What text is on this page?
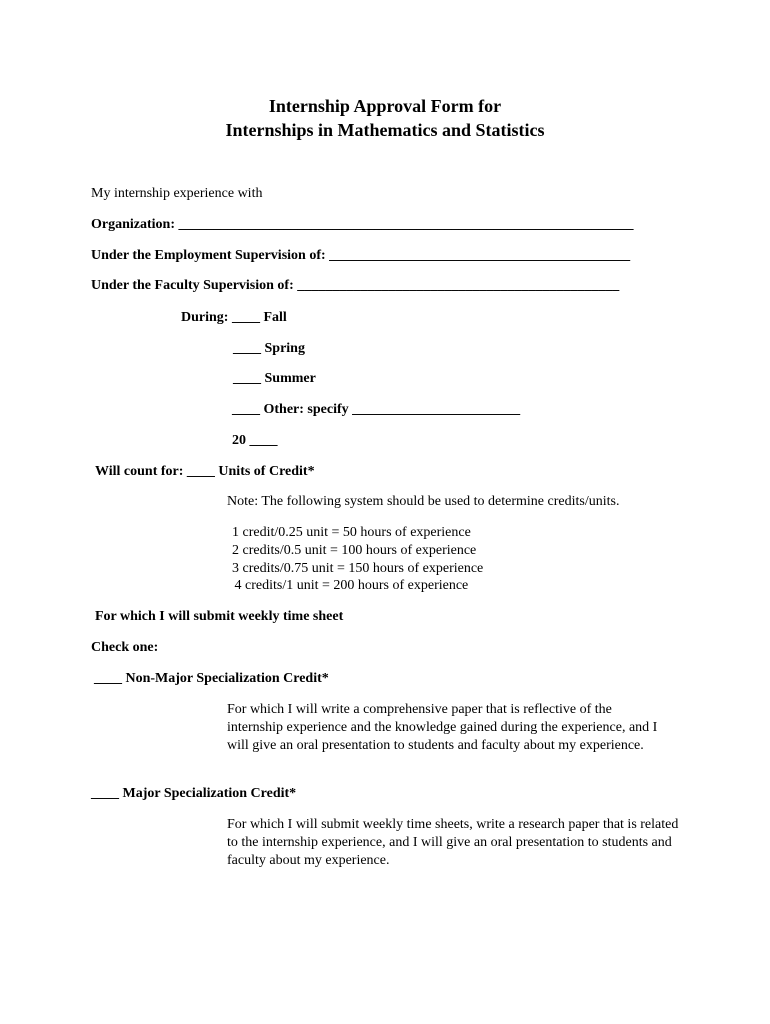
Internship Approval Form for
Internships in Mathematics and Statistics
My internship experience with
Organization: _________________________________________________________________
Under the Employment Supervision of: ___________________________________________
Under the Faculty Supervision of: ______________________________________________
During: ____ Fall
____ Spring
____ Summer
____ Other: specify ________________________
20 ____
Will count for: ____ Units of Credit*
Note: The following system should be used to determine credits/units.
1 credit/0.25 unit = 50 hours of experience
2 credits/0.5 unit = 100 hours of experience
3 credits/0.75 unit = 150 hours of experience
4 credits/1 unit = 200 hours of experience
For which I will submit weekly time sheet
Check one:
____ Non-Major Specialization Credit*
For which I will write a comprehensive paper that is reflective of the internship experience and the knowledge gained during the experience, and I will give an oral presentation to students and faculty about my experience.
____ Major Specialization Credit*
For which I will submit weekly time sheets, write a research paper that is related to the internship experience, and I will give an oral presentation to students and faculty about my experience.
